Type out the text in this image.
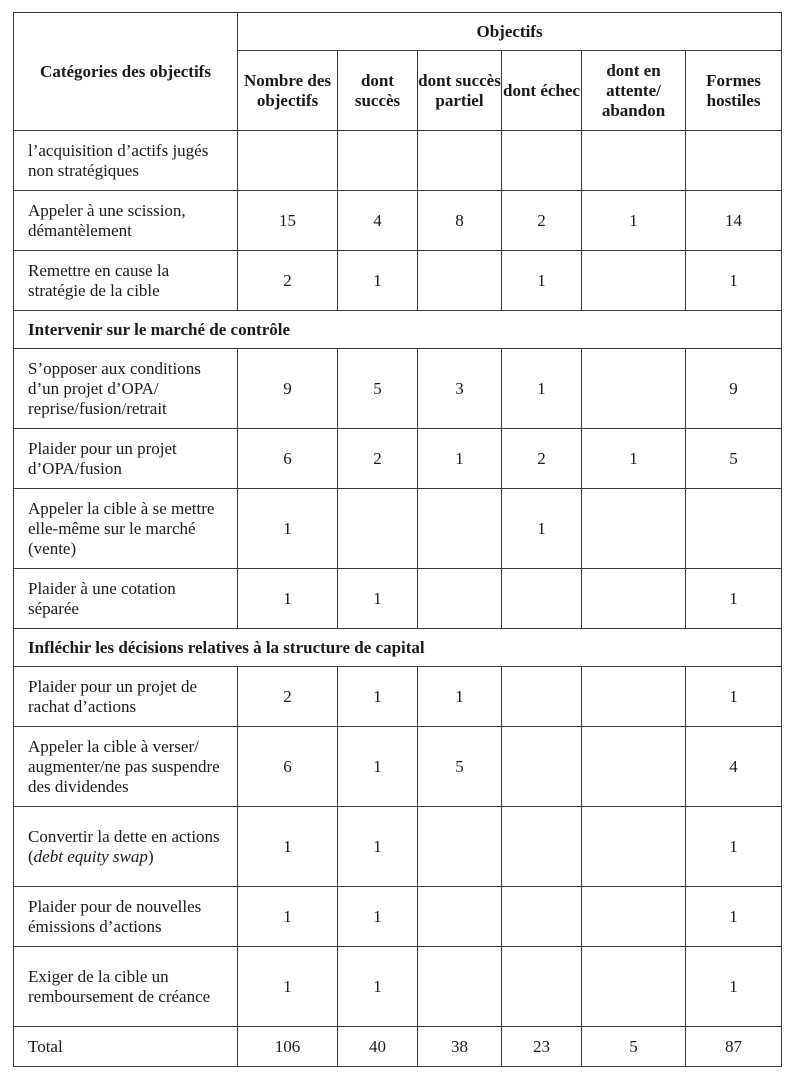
Catégories des objectifs	Objectifs					
	Nombre des objectifs	dont succès	dont succès partiel	dont échec	dont en attente/ abandon	Formes hostiles
l’acquisition d’actifs jugés non stratégiques						
Appeler à une scission, démantèlement	15	4	8	2	1	14
Remettre en cause la stratégie de la cible	2	1		1		1
Intervenir sur le marché de contrôle						
S’opposer aux conditions d’un projet d’OPA/ reprise/fusion/retrait	9	5	3	1		9
Plaider pour un projet d’OPA/fusion	6	2	1	2	1	5
Appeler la cible à se mettre elle-même sur le marché (vente)	1			1		
Plaider à une cotation séparée	1	1				1
Infléchir les décisions relatives à la structure de capital						
Plaider pour un projet de rachat d’actions	2	1	1			1
Appeler la cible à verser/ augmenter/ne pas suspendre des dividendes	6	1	5			4
Convertir la dette en actions (debt equity swap)	1	1				1
Plaider pour de nouvelles émissions d’actions	1	1				1
Exiger de la cible un remboursement de créance	1	1				1
Total	106	40	38	23	5	87
